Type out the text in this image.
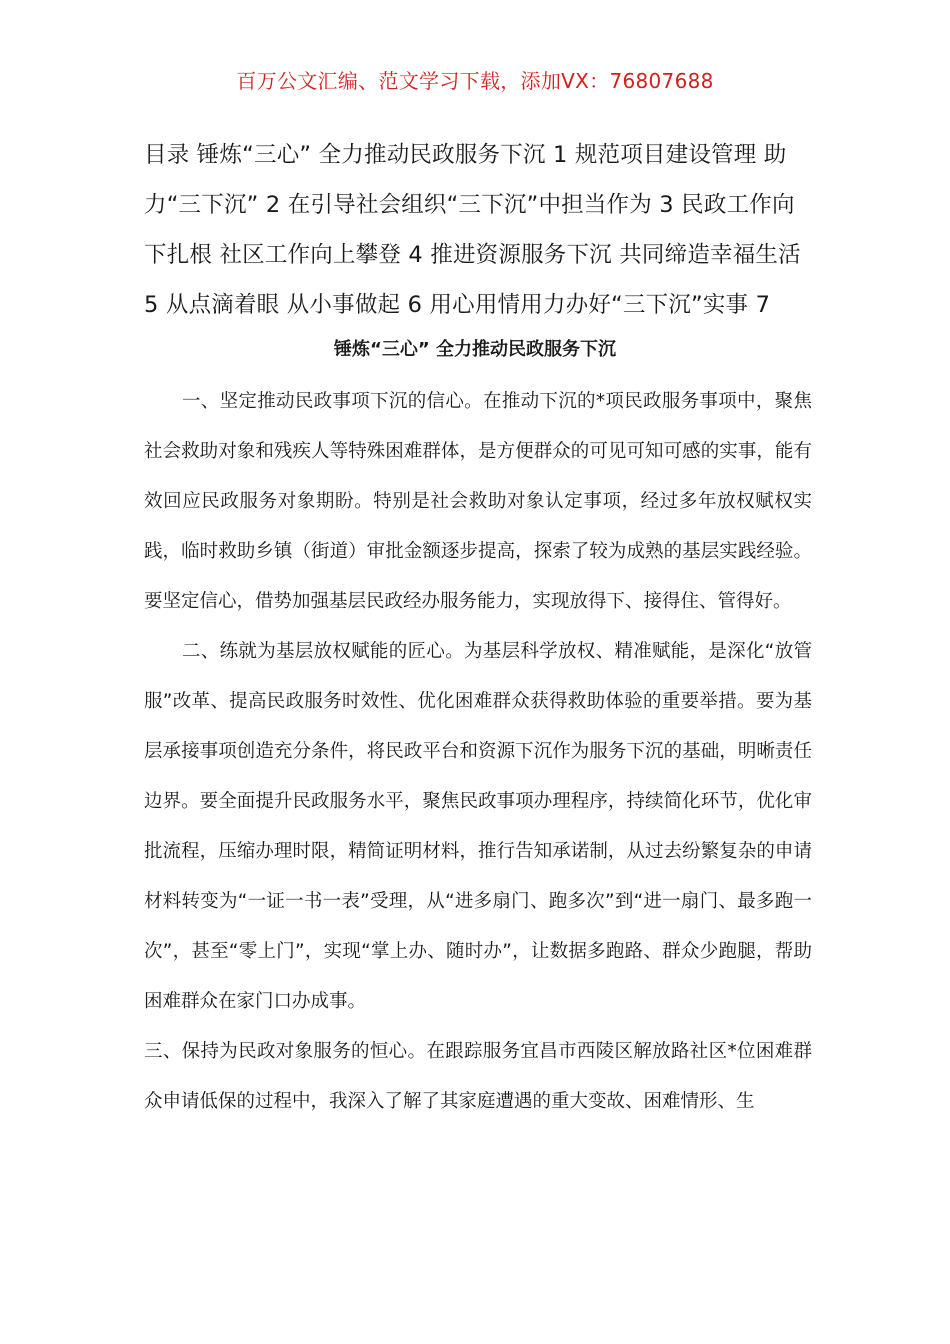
百万公文汇编、范文学习下载，添加VX：76807688
目录 锤炼“三心” 全力推动民政服务下沉 1 规范项目建设管理 助力“三下沉” 2 在引导社会组织“三下沉”中担当作为 3 民政工作向下扎根 社区工作向上攀登 4 推进资源服务下沉 共同缔造幸福生活 5 从点滴着眼 从小事做起 6 用心用情用力办好“三下沉”实事 7
锤炼“三心” 全力推动民政服务下沉

一、坚定推动民政事项下沉的信心。在推动下沉的*项民政服务事项中，聚焦社会救助对象和残疾人等特殊困难群体，是方便群众的可见可知可感的实事，能有效回应民政服务对象期盼。特别是社会救助对象认定事项，经过多年放权赋权实践，临时救助乡镇（街道）审批金额逐步提高，探索了较为成熟的基层实践经验。要坚定信心，借势加强基层民政经办服务能力，实现放得下、接得住、管得好。

二、练就为基层放权赋能的匠心。为基层科学放权、精准赋能，是深化“放管服”改革、提高民政服务时效性、优化困难群众获得救助体验的重要举措。要为基层承接事项创造充分条件，将民政平台和资源下沉作为服务下沉的基础，明晰责任边界。要全面提升民政服务水平，聚焦民政事项办理程序，持续简化环节，优化审批流程，压缩办理时限，精简证明材料，推行告知承诺制，从过去纷繁复杂的申请材料转变为“一证一书一表”受理，从“进多扇门、跑多次”到“进一扇门、最多跑一次”，甚至“零上门”，实现“掌上办、随时办”，让数据多跑路、群众少跑腿，帮助困难群众在家门口办成事。

三、保持为民政对象服务的恒心。在跟踪服务宜昌市西陵区解放路社区*位困难群众申请低保的过程中，我深入了解了其家庭遭遇的重大变故、困难情形、生
